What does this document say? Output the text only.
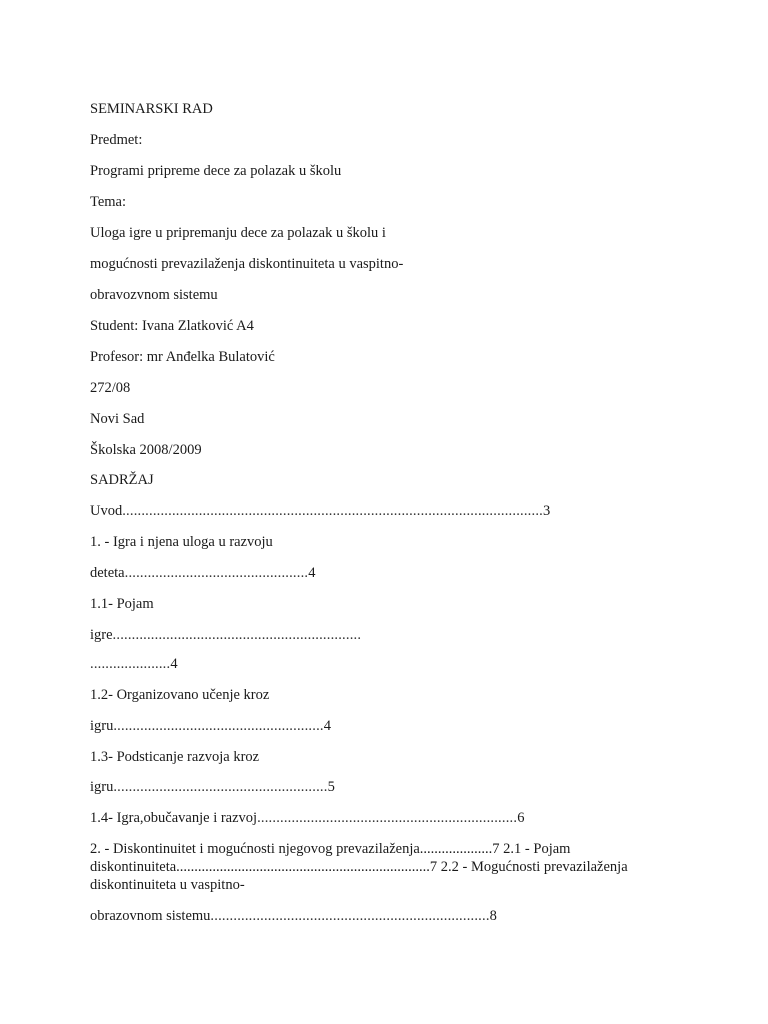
SEMINARSKI RAD
Predmet:
Programi pripreme dece za polazak u školu
Tema:
Uloga igre u pripremanju dece za polazak u školu i
mogućnosti prevazilaženja diskontinuiteta u vaspitno-
obravozvnom sistemu
Student: Ivana Zlatković A4
Profesor: mr Anđelka Bulatović
272/08
Novi Sad
Školska 2008/2009
SADRŽAJ
Uvod..............................................................................................................3
1. - Igra i njena uloga u razvoju
deteta................................................4
1.1- Pojam
igre.................................................................
.....................4
1.2- Organizovano učenje kroz
igru.......................................................4
1.3- Podsticanje razvoja kroz
igru........................................................5
1.4- Igra,obučavanje i razvoj....................................................................6
2. - Diskontinuitet i mogućnosti njegovog prevazilaženja....................7 2.1 - Pojam diskontinuiteta......................................................................7 2.2 - Mogućnosti prevazilaženja diskontinuiteta u vaspitno-
obrazovnom sistemu.........................................................................8
